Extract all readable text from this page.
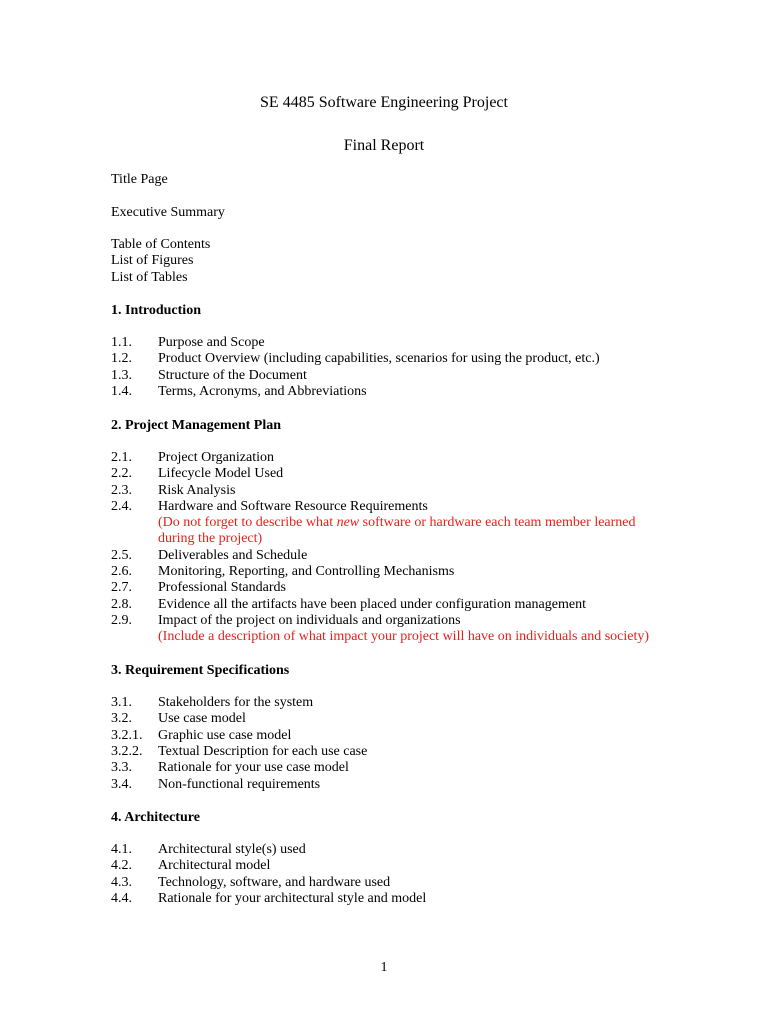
SE 4485 Software Engineering Project
Final Report
Title Page
Executive Summary
Table of Contents
List of Figures
List of Tables
1. Introduction
1.1. Purpose and Scope
1.2. Product Overview (including capabilities, scenarios for using the product, etc.)
1.3. Structure of the Document
1.4. Terms, Acronyms, and Abbreviations
2. Project Management Plan
2.1. Project Organization
2.2. Lifecycle Model Used
2.3. Risk Analysis
2.4. Hardware and Software Resource Requirements
(Do not forget to describe what new software or hardware each team member learned
during the project)
2.5. Deliverables and Schedule
2.6. Monitoring, Reporting, and Controlling Mechanisms
2.7. Professional Standards
2.8. Evidence all the artifacts have been placed under configuration management
2.9. Impact of the project on individuals and organizations
(Include a description of what impact your project will have on individuals and society)
3. Requirement Specifications
3.1. Stakeholders for the system
3.2. Use case model
3.2.1. Graphic use case model
3.2.2. Textual Description for each use case
3.3. Rationale for your use case model
3.4. Non-functional requirements
4. Architecture
4.1. Architectural style(s) used
4.2. Architectural model
4.3. Technology, software, and hardware used
4.4. Rationale for your architectural style and model
1
